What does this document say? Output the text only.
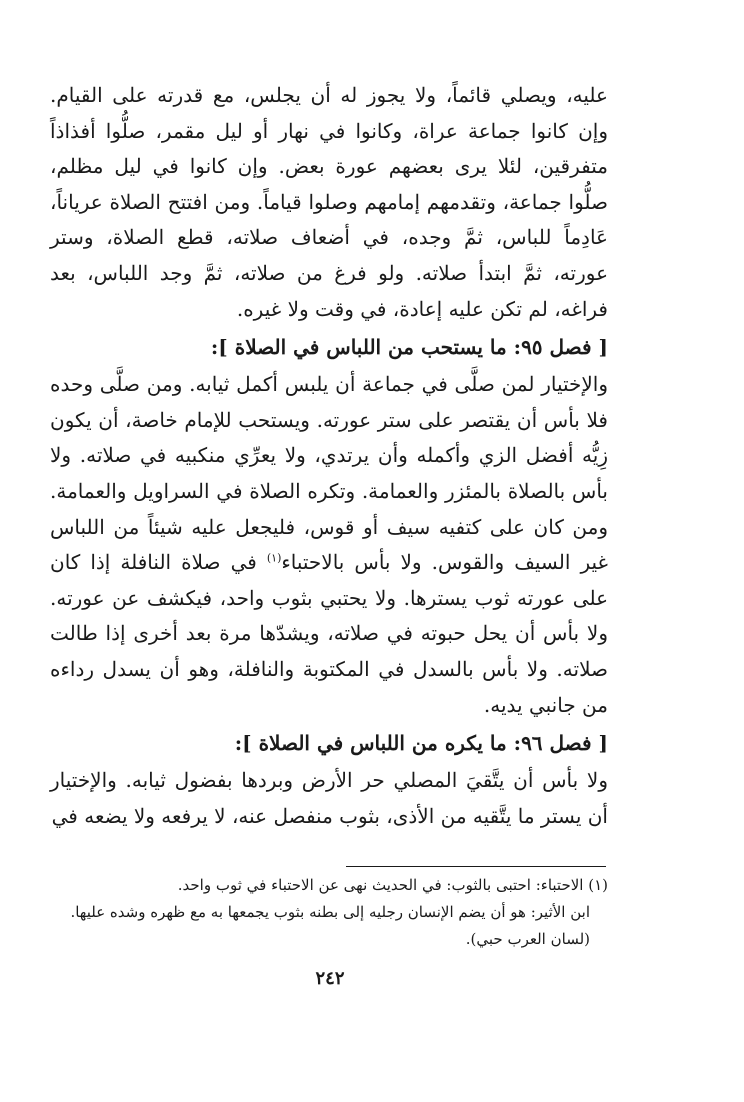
عليه، ويصلي قائماً، ولا يجوز له أن يجلس، مع قدرته على القيام. وإن كانوا جماعة عراة، وكانوا في نهار أو ليل مقمر، صلُّوا أفذاذاً متفرقين، لئلا يرى بعضهم عورة بعض. وإن كانوا في ليل مظلم، صلُّوا جماعة، وتقدمهم إمامهم وصلوا قياماً. ومن افتتح الصلاة عرياناً، عَادِماً للباس، ثمَّ وجده، في أضعاف صلاته، قطع الصلاة، وستر عورته، ثمَّ ابتدأ صلاته. ولو فرغ من صلاته، ثمَّ وجد اللباس، بعد فراغه، لم تكن عليه إعادة، في وقت ولا غيره.

[ فصل ٩٥: ما يستحب من اللباس في الصلاة ]:

والإختيار لمن صلَّى في جماعة أن يلبس أكمل ثيابه. ومن صلَّى وحده فلا بأس أن يقتصر على ستر عورته. ويستحب للإمام خاصة، أن يكون زِيُّه أفضل الزي وأكمله وأن يرتدي، ولا يعرِّي منكبيه في صلاته. ولا بأس بالصلاة بالمئزر والعمامة. وتكره الصلاة في السراويل والعمامة. ومن كان على كتفيه سيف أو قوس، فليجعل عليه شيئاً من اللباس غير السيف والقوس. ولا بأس بالاحتباء$^{(١)}$ في صلاة النافلة إذا كان على عورته ثوب يسترها. ولا يحتبي بثوب واحد، فيكشف عن عورته. ولا بأس أن يحل حبوته في صلاته، ويشدّها مرة بعد أخرى إذا طالت صلاته. ولا بأس بالسدل في المكتوبة والنافلة، وهو أن يسدل رداءه من جانبي يديه.

[ فصل ٩٦: ما يكره من اللباس في الصلاة ]:

ولا بأس أن يتَّقيَ المصلي حر الأرض وبردها بفضول ثيابه. والإختيار أن يستر ما يتَّقيه من الأذى، بثوب منفصل عنه، لا يرفعه ولا يضعه في

(١) الاحتباء: احتبى بالثوب: في الحديث نهى عن الاحتباء في ثوب واحد.

ابن الأثير: هو أن يضم الإنسان رجليه إلى بطنه بثوب يجمعها به مع ظهره وشده عليها. (لسان العرب حبي).

٢٤٢
